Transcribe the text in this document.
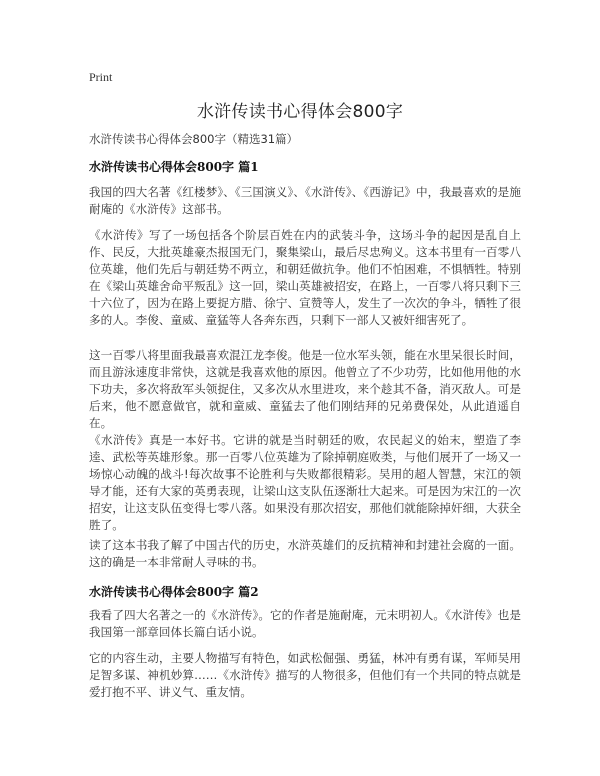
Print
水浒传读书心得体会800字
水浒传读书心得体会800字（精选31篇）
水浒传读书心得体会800字 篇1
我国的四大名著《红楼梦》、《三国演义》、《水浒传》、《西游记》中，我最喜欢的是施耐庵的《水浒传》这部书。
《水浒传》写了一场包括各个阶层百姓在内的武装斗争，这场斗争的起因是乱自上作、民反，大批英雄豪杰报国无门，聚集梁山，最后尽忠殉义。这本书里有一百零八位英雄，他们先后与朝廷势不两立，和朝廷做抗争。他们不怕困难，不惧牺牲。特别在《梁山英雄舍命平叛乱》这一回，梁山英雄被招安，在路上，一百零八将只剩下三十六位了，因为在路上要捉方腊、徐宁、宣赞等人，发生了一次次的争斗，牺牲了很多的人。李俊、童威、童猛等人各奔东西，只剩下一部人又被奸细害死了。
这一百零八将里面我最喜欢混江龙李俊。他是一位水军头领，能在水里呆很长时间，而且游泳速度非常快，这就是我喜欢他的原因。他曾立了不少功劳，比如他用他的水下功夫，多次将敌军头领捉住，又多次从水里进攻，来个趁其不备，消灭敌人。可是后来，他不愿意做官，就和童威、童猛去了他们刚结拜的兄弟费保处，从此逍遥自在。
《水浒传》真是一本好书。它讲的就是当时朝廷的败，农民起义的始末，塑造了李逵、武松等英雄形象。那一百零八位英雄为了除掉朝庭败类，与他们展开了一场又一场惊心动魄的战斗!每次故事不论胜利与失败都很精彩。吴用的超人智慧，宋江的领导才能，还有大家的英勇表现，让梁山这支队伍逐渐壮大起来。可是因为宋江的一次招安，让这支队伍变得七零八落。如果没有那次招安，那他们就能除掉奸细，大获全胜了。
读了这本书我了解了中国古代的历史，水浒英雄们的反抗精神和封建社会腐的一面。这的确是一本非常耐人寻味的书。
水浒传读书心得体会800字 篇2
我看了四大名著之一的《水浒传》。它的作者是施耐庵，元末明初人。《水浒传》也是我国第一部章回体长篇白话小说。
它的内容生动，主要人物描写有特色，如武松倔强、勇猛，林冲有勇有谋，军师吴用足智多谋、神机妙算……《水浒传》描写的人物很多，但他们有一个共同的特点就是爱打抱不平、讲义气、重友情。
